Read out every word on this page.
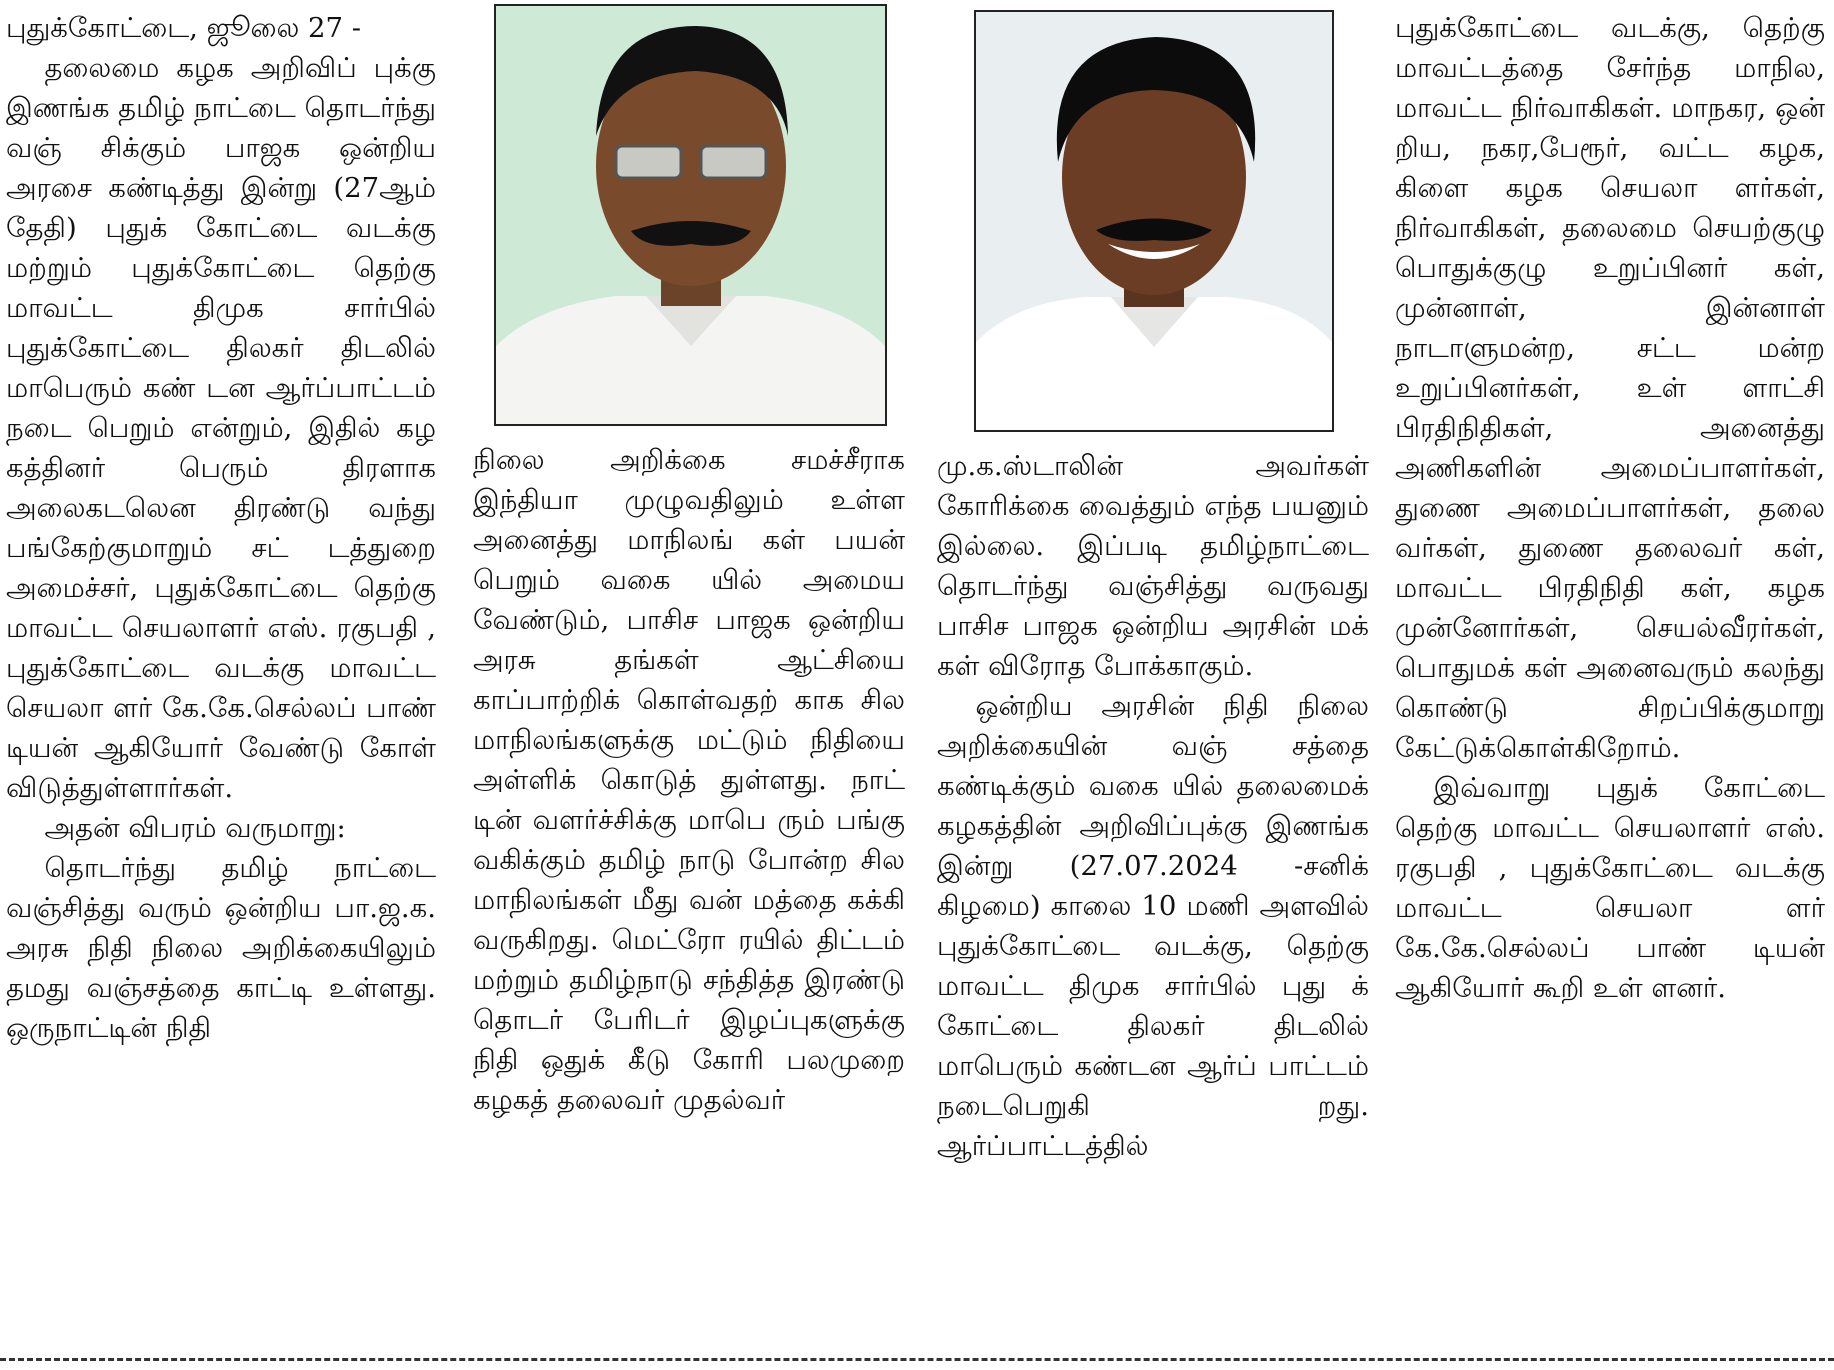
புதுக்கோட்டை, ஜூலை 27 -

தலைமை கழக அறிவிப் புக்கு இணங்க தமிழ் நாட்டை தொடர்ந்து வஞ் சிக்கும் பாஜக ஒன்றிய அரசை கண்டித்து இன்று (27ஆம் தேதி) புதுக் கோட்டை வடக்கு மற்றும் புதுக்கோட்டை தெற்கு மாவட்ட திமுக சார்பில் புதுக்கோட்டை திலகர் திடலில் மாபெரும் கண் டன ஆர்ப்பாட்டம் நடை பெறும் என்றும், இதில் கழ கத்தினர் பெரும் திரளாக அலைகடலென திரண்டு வந்து பங்கேற்குமாறும் சட் டத்துறை அமைச்சர், புதுக்கோட்டை தெற்கு மாவட்ட செயலாளர் எஸ். ரகுபதி , புதுக்கோட்டை வடக்கு மாவட்ட செயலா ளர் கே.கே.செல்லப் பாண் டியன் ஆகியோர் வேண்டு கோள் விடுத்துள்ளார்கள்.

அதன் விபரம் வருமாறு:

தொடர்ந்து தமிழ் நாட்டை வஞ்சித்து வரும் ஒன்றிய பா.ஜ.க. அரசு நிதி நிலை அறிக்கையிலும் தமது வஞ்சத்தை காட்டி உள்ளது. ஒருநாட்டின் நிதி

நிலை அறிக்கை சமச்சீராக இந்தியா முழுவதிலும் உள்ள அனைத்து மாநிலங் கள் பயன் பெறும் வகை யில் அமைய வேண்டும், பாசிச பாஜக ஒன்றிய அரசு தங்கள் ஆட்சியை காப்பாற்றிக் கொள்வதற் காக சில மாநிலங்களுக்கு மட்டும் நிதியை அள்ளிக் கொடுத் துள்ளது. நாட் டின் வளர்ச்சிக்கு மாபெ ரும் பங்கு வகிக்கும் தமிழ் நாடு போன்ற சில மாநிலங்கள் மீது வன் மத்தை கக்கி வருகிறது. மெட்ரோ ரயில் திட்டம் மற்றும் தமிழ்நாடு சந்தித்த இரண்டு தொடர் பேரிடர் இழப்புகளுக்கு நிதி ஒதுக் கீடு கோரி பலமுறை கழகத் தலைவர் முதல்வர்

மு.க.ஸ்டாலின் அவர்கள் கோரிக்கை வைத்தும் எந்த பயனும் இல்லை. இப்படி தமிழ்நாட்டை தொடர்ந்து வஞ்சித்து வருவது பாசிச பாஜக ஒன்றிய அரசின் மக் கள் விரோத போக்காகும்.

ஒன்றிய அரசின் நிதி நிலை அறிக்கையின் வஞ் சத்தை கண்டிக்கும் வகை யில் தலைமைக் கழகத்தின் அறிவிப்புக்கு இணங்க இன்று (27.07.2024 -சனிக் கிழமை) காலை 10 மணி அளவில் புதுக்கோட்டை வடக்கு, தெற்கு மாவட்ட திமுக சார்பில் புது க் கோட்டை திலகர் திடலில் மாபெரும் கண்டன ஆர்ப் பாட்டம் நடைபெறுகி றது. ஆர்ப்பாட்டத்தில்

புதுக்கோட்டை வடக்கு, தெற்கு மாவட்டத்தை சேர்ந்த மாநில, மாவட்ட நிர்வாகிகள். மாநகர, ஒன் றிய, நகர,பேரூர், வட்ட கழக, கிளை கழக செயலா ளர்கள், நிர்வாகிகள், தலைமை செயற்குழு பொதுக்குழு உறுப்பினர் கள், முன்னாள், இன்னாள் நாடாளுமன்ற, சட்ட மன்ற உறுப்பினர்கள், உள் ளாட்சி பிரதிநிதிகள், அனைத்து அணிகளின் அமைப்பாளர்கள், துணை அமைப்பாளர்கள், தலை வர்கள், துணை தலைவர் கள், மாவட்ட பிரதிநிதி கள், கழக முன்னோர்கள், செயல்வீரர்கள், பொதுமக் கள் அனைவரும் கலந்து கொண்டு சிறப்பிக்குமாறு கேட்டுக்கொள்கிறோம்.

இவ்வாறு புதுக் கோட்டை தெற்கு மாவட்ட செயலாளர் எஸ். ரகுபதி , புதுக்கோட்டை வடக்கு மாவட்ட செயலா ளர் கே.கே.செல்லப் பாண் டியன் ஆகியோர் கூறி உள் ளனர்.
